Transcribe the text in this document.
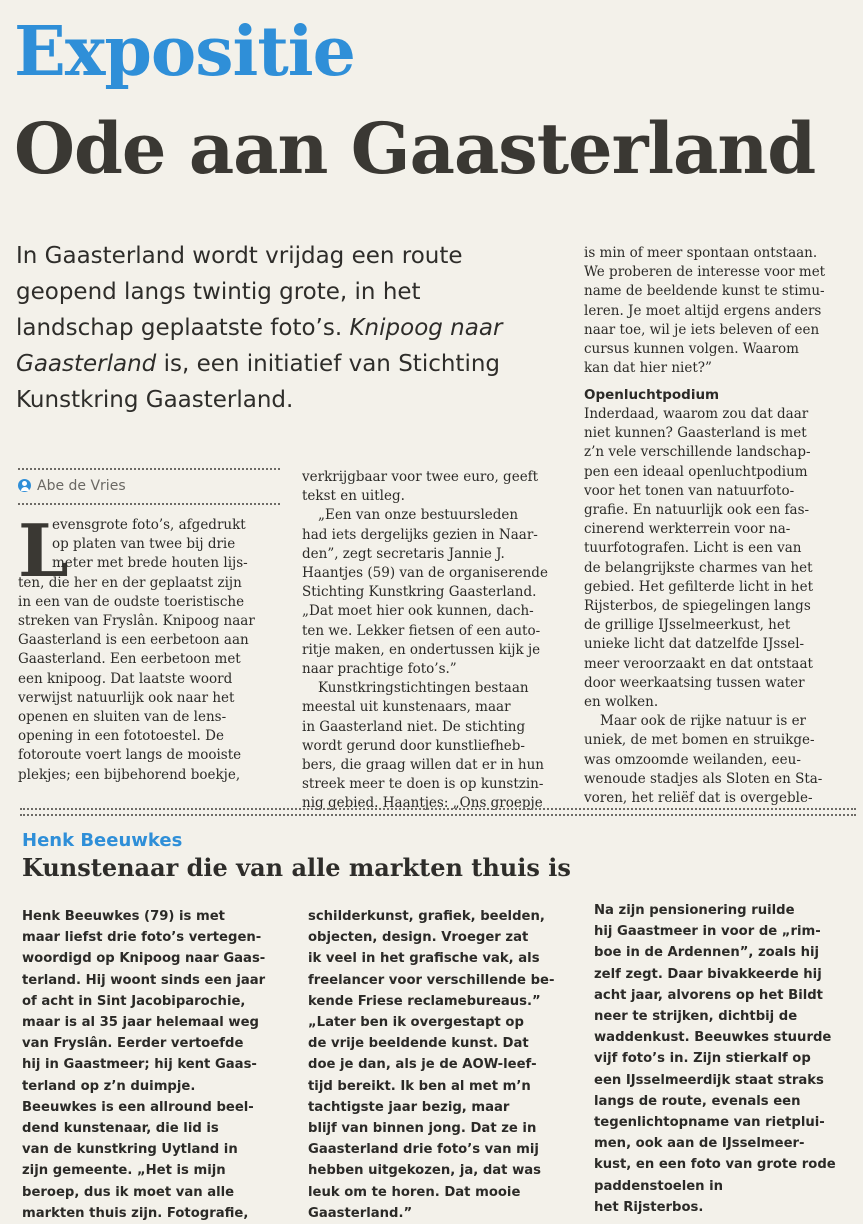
Expositie
Ode aan Gaasterland
In Gaasterland wordt vrijdag een route
geopend langs twintig grote, in het
landschap geplaatste foto’s. Knipoog naar
Gaasterland is, een initiatief van Stichting
Kunstkring Gaasterland.
Abe de Vries
L
evensgrote foto’s, afgedrukt
op platen van twee bij drie
meter met brede houten lijs-
ten, die her en der geplaatst zijn
in een van de oudste toeristische
streken van Fryslân. Knipoog naar
Gaasterland is een eerbetoon aan
Gaasterland. Een eerbetoon met
een knipoog. Dat laatste woord
verwijst natuurlijk ook naar het
openen en sluiten van de lens-
opening in een fototoestel. De
fotoroute voert langs de mooiste
plekjes; een bijbehorend boekje,
verkrijgbaar voor twee euro, geeft
tekst en uitleg.
„Een van onze bestuursleden
had iets dergelijks gezien in Naar-
den”, zegt secretaris Jannie J.
Haantjes (59) van de organiserende
Stichting Kunstkring Gaasterland.
„Dat moet hier ook kunnen, dach-
ten we. Lekker fietsen of een auto-
ritje maken, en ondertussen kijk je
naar prachtige foto’s.”
Kunstkringstichtingen bestaan
meestal uit kunstenaars, maar
in Gaasterland niet. De stichting
wordt gerund door kunstliefheb-
bers, die graag willen dat er in hun
streek meer te doen is op kunstzin-
nig gebied. Haantjes: „Ons groepje
is min of meer spontaan ontstaan.
We proberen de interesse voor met
name de beeldende kunst te stimu-
leren. Je moet altijd ergens anders
naar toe, wil je iets beleven of een
cursus kunnen volgen. Waarom
kan dat hier niet?”
Openluchtpodium
Inderdaad, waarom zou dat daar
niet kunnen? Gaasterland is met
z’n vele verschillende landschap-
pen een ideaal openluchtpodium
voor het tonen van natuurfoto-
grafie. En natuurlijk ook een fas-
cinerend werkterrein voor na-
tuurfotografen. Licht is een van
de belangrijkste charmes van het
gebied. Het gefilterde licht in het
Rijsterbos, de spiegelingen langs
de grillige IJsselmeerkust, het
unieke licht dat datzelfde IJssel-
meer veroorzaakt en dat ontstaat
door weerkaatsing tussen water
en wolken.
Maar ook de rijke natuur is er
uniek, de met bomen en struikge-
was omzoomde weilanden, eeu-
wenoude stadjes als Sloten en Sta-
voren, het reliëf dat is overgeble-
Henk Beeuwkes
Kunstenaar die van alle markten thuis is
Henk Beeuwkes (79) is met
maar liefst drie foto’s vertegen-
woordigd op Knipoog naar Gaas-
terland. Hij woont sinds een jaar
of acht in Sint Jacobiparochie,
maar is al 35 jaar helemaal weg
van Fryslân. Eerder vertoefde
hij in Gaastmeer; hij kent Gaas-
terland op z’n duimpje.
Beeuwkes is een allround beel-
dend kunstenaar, die lid is
van de kunstkring Uytland in
zijn gemeente. „Het is mijn
beroep, dus ik moet van alle
markten thuis zijn. Fotografie,
schilderkunst, grafiek, beelden,
objecten, design. Vroeger zat
ik veel in het grafische vak, als
freelancer voor verschillende be-
kende Friese reclamebureaus.”
„Later ben ik overgestapt op
de vrije beeldende kunst. Dat
doe je dan, als je de AOW-leef-
tijd bereikt. Ik ben al met m’n
tachtigste jaar bezig, maar
blijf van binnen jong. Dat ze in
Gaasterland drie foto’s van mij
hebben uitgekozen, ja, dat was
leuk om te horen. Dat mooie
Gaasterland.”
Na zijn pensionering ruilde
hij Gaastmeer in voor de „rim-
boe in de Ardennen”, zoals hij
zelf zegt. Daar bivakkeerde hij
acht jaar, alvorens op het Bildt
neer te strijken, dichtbij de
waddenkust. Beeuwkes stuurde
vijf foto’s in. Zijn stierkalf op
een IJsselmeerdijk staat straks
langs de route, evenals een
tegenlichtopname van rietplui-
men, ook aan de IJsselmeer-
kust, en een foto van grote rode
paddenstoelen in
het Rijsterbos.
